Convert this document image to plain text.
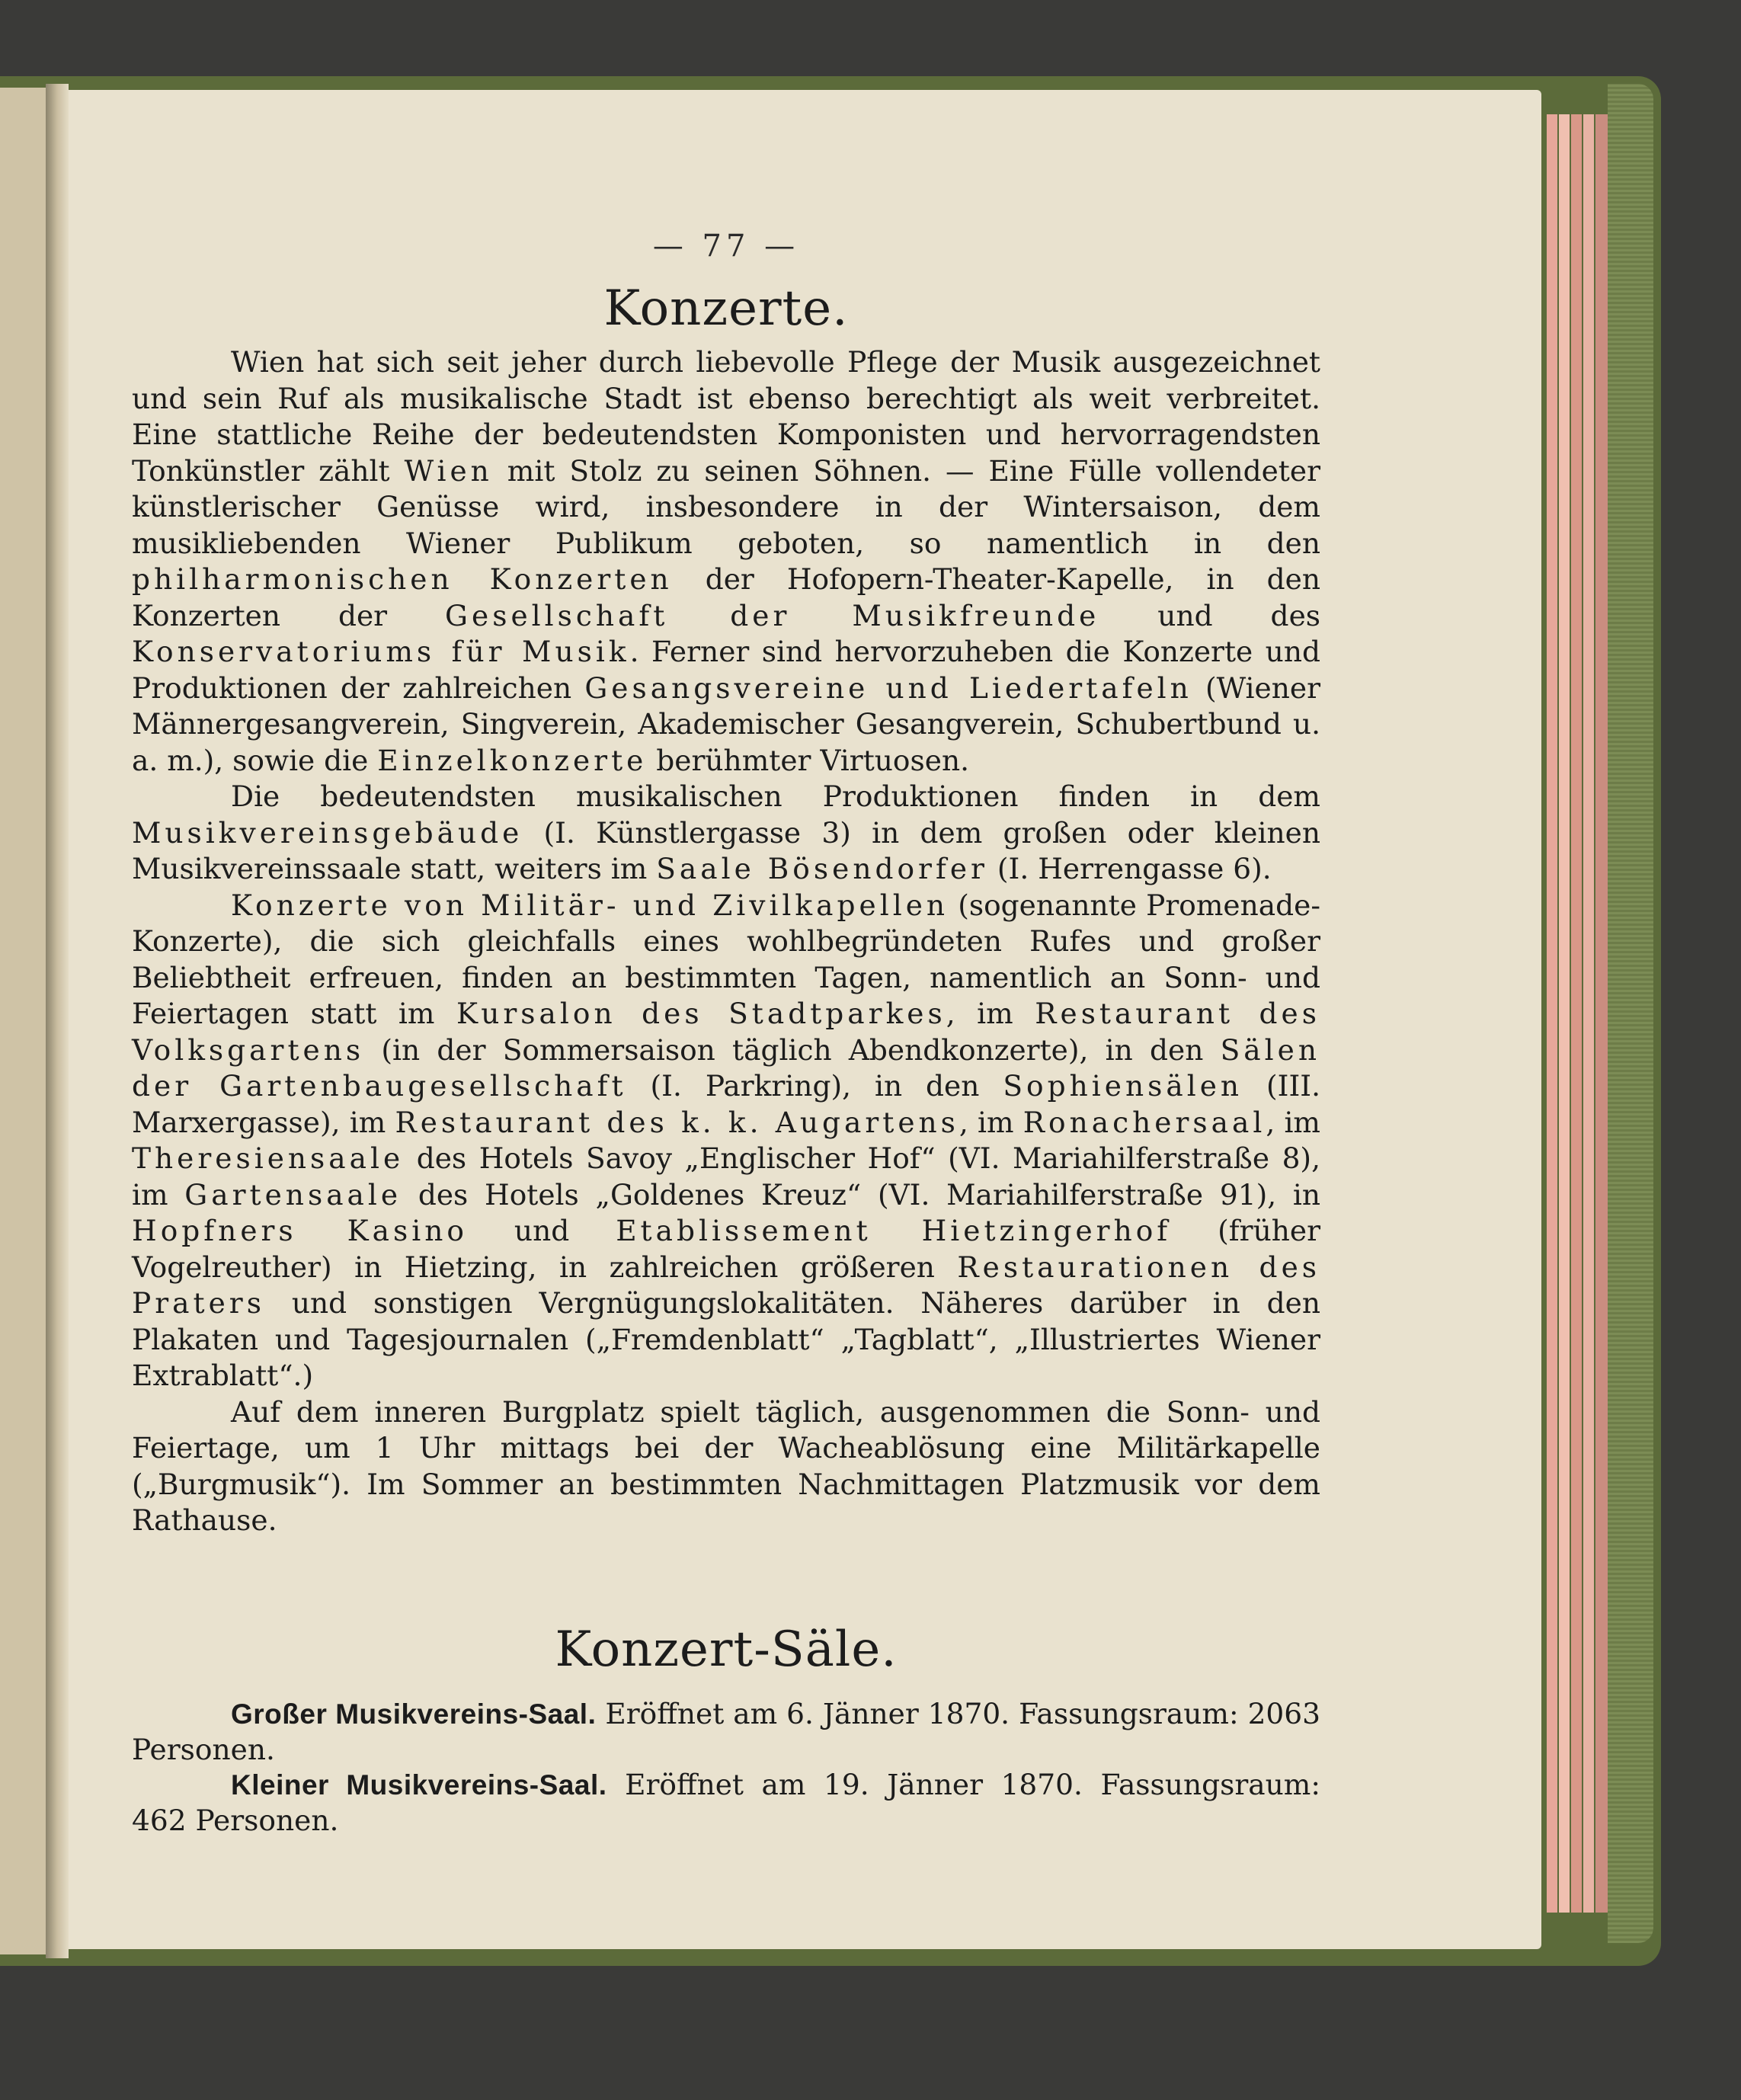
— 77 —
Konzerte.

Wien hat sich seit jeher durch liebevolle Pflege der Musik ausgezeichnet und sein Ruf als musikalische Stadt ist ebenso berechtigt als weit verbreitet. Eine stattliche Reihe der bedeutendsten Komponisten und hervorragendsten Tonkünstler zählt Wien mit Stolz zu seinen Söhnen. — Eine Fülle vollendeter künstlerischer Genüsse wird, insbesondere in der Wintersaison, dem musikliebenden Wiener Publikum geboten, so namentlich in den philharmonischen Konzerten der Hofopern-Theater-Kapelle, in den Konzerten der Gesellschaft der Musikfreunde und des Konservatoriums für Musik. Ferner sind hervorzuheben die Konzerte und Produktionen der zahlreichen Gesangsvereine und Liedertafeln (Wiener Männergesangverein, Singverein, Akademischer Gesangverein, Schubertbund u. a. m.), sowie die Einzelkonzerte berühmter Virtuosen.

Die bedeutendsten musikalischen Produktionen finden in dem Musikvereinsgebäude (I. Künstlergasse 3) in dem großen oder kleinen Musikvereinssaale statt, weiters im Saale Bösendorfer (I. Herrengasse 6).

Konzerte von Militär- und Zivilkapellen (sogenannte Promenade-Konzerte), die sich gleichfalls eines wohlbegründeten Rufes und großer Beliebtheit erfreuen, finden an bestimmten Tagen, namentlich an Sonn- und Feiertagen statt im Kursalon des Stadtparkes, im Restaurant des Volksgartens (in der Sommersaison täglich Abendkonzerte), in den Sälen der Gartenbaugesellschaft (I. Parkring), in den Sophiensälen (III. Marxergasse), im Restaurant des k. k. Augartens, im Ronachersaal, im Theresiensaale des Hotels Savoy „Englischer Hof“ (VI. Mariahilferstraße 8), im Gartensaale des Hotels „Goldenes Kreuz“ (VI. Mariahilferstraße 91), in Hopfners Kasino und Etablissement Hietzingerhof (früher Vogelreuther) in Hietzing, in zahlreichen größeren Restaurationen des Praters und sonstigen Vergnügungslokalitäten. Näheres darüber in den Plakaten und Tagesjournalen („Fremdenblatt“ „Tagblatt“, „Illustriertes Wiener Extrablatt“.)

Auf dem inneren Burgplatz spielt täglich, ausgenommen die Sonn- und Feiertage, um 1 Uhr mittags bei der Wacheablösung eine Militärkapelle („Burgmusik“). Im Sommer an bestimmten Nachmittagen Platzmusik vor dem Rathause.

Konzert-Säle.

Großer Musikvereins-Saal. Eröffnet am 6. Jänner 1870. Fassungsraum: 2063 Personen.

Kleiner Musikvereins-Saal. Eröffnet am 19. Jänner 1870. Fassungsraum: 462 Personen.
